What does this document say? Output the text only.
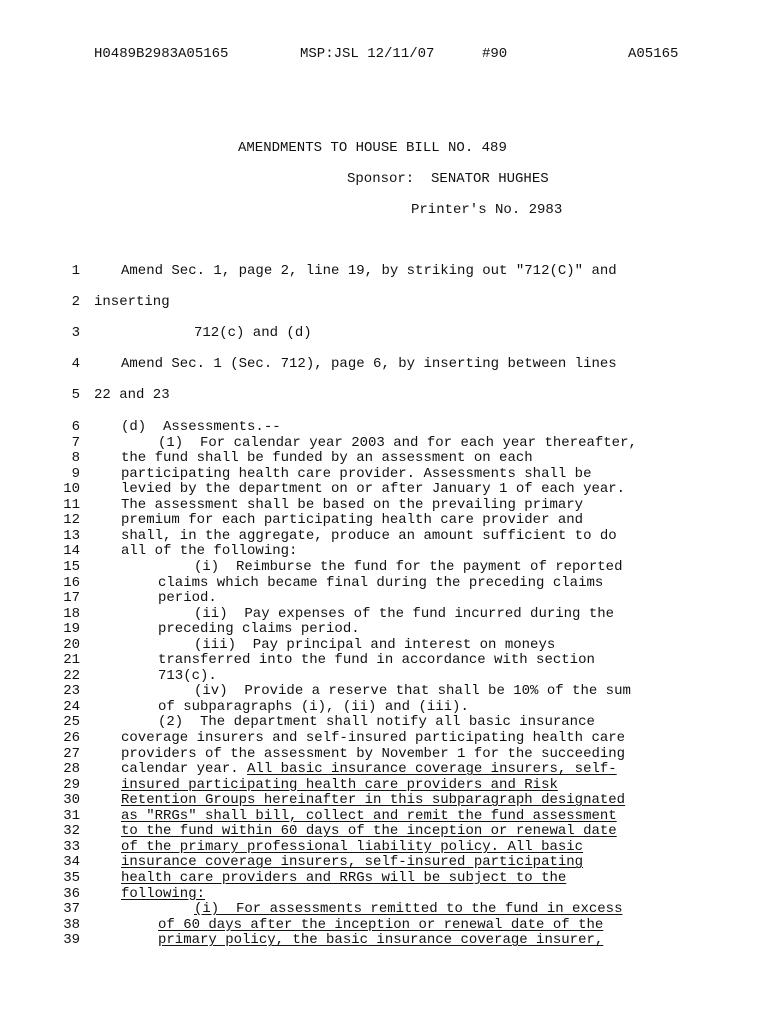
H0489B2983A05165	MSP:JSL 12/11/07	#90	A05165
AMENDMENTS TO HOUSE BILL NO. 489
Sponsor:  SENATOR HUGHES
Printer's No. 2983
1	Amend Sec. 1, page 2, line 19, by striking out "712(C)" and
2 inserting
3	712(c) and (d)
4	Amend Sec. 1 (Sec. 712), page 6, by inserting between lines
5 22 and 23
6	(d)  Assessments.--
7	(1)  For calendar year 2003 and for each year thereafter,
8	the fund shall be funded by an assessment on each
9	participating health care provider. Assessments shall be
10	levied by the department on or after January 1 of each year.
11	The assessment shall be based on the prevailing primary
12	premium for each participating health care provider and
13	shall, in the aggregate, produce an amount sufficient to do
14	all of the following:
15	(i)  Reimburse the fund for the payment of reported
16	claims which became final during the preceding claims
17	period.
18	(ii)  Pay expenses of the fund incurred during the
19	preceding claims period.
20	(iii)  Pay principal and interest on moneys
21	transferred into the fund in accordance with section
22	713(c).
23	(iv)  Provide a reserve that shall be 10% of the sum
24	of subparagraphs (i), (ii) and (iii).
25	(2)  The department shall notify all basic insurance
26	coverage insurers and self-insured participating health care
27	providers of the assessment by November 1 for the succeeding
28	calendar year. All basic insurance coverage insurers, self-
29	insured participating health care providers and Risk
30	Retention Groups hereinafter in this subparagraph designated
31	as "RRGs" shall bill, collect and remit the fund assessment
32	to the fund within 60 days of the inception or renewal date
33	of the primary professional liability policy. All basic
34	insurance coverage insurers, self-insured participating
35	health care providers and RRGs will be subject to the
36	following:
37	(i)  For assessments remitted to the fund in excess
38	of 60 days after the inception or renewal date of the
39	primary policy, the basic insurance coverage insurer,
